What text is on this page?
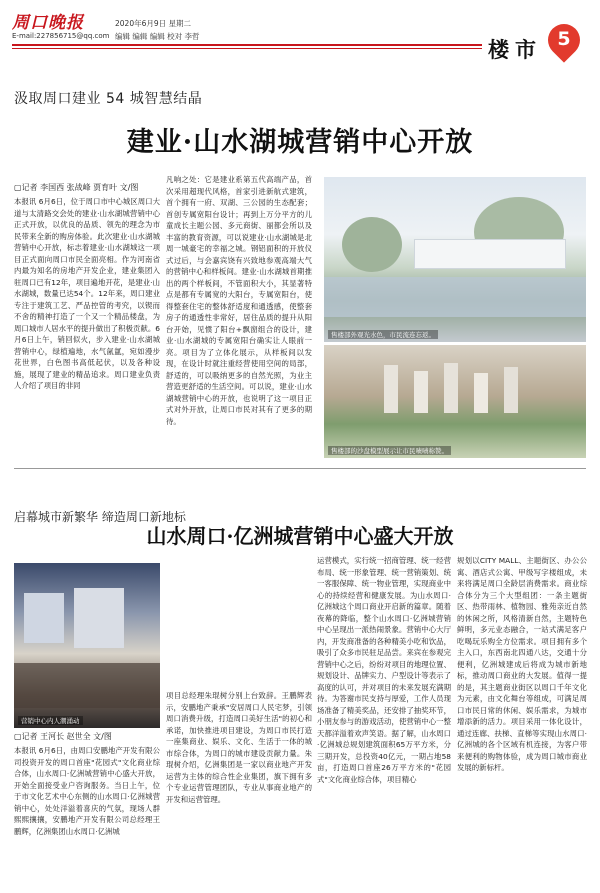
周口晚报
E-mail:227856715@qq.com
2020年6月9日 星期二
编辑 编辑 编辑 校对 李哲
楼市 5
汲取周口建业 54 城智慧结晶
建业·山水湖城营销中心开放
▢记者 李国西 张战峰 贾育叶 文/图
本报讯 6月6日，位于周口市中心城区周口大道与太清路交会处的建业·山水湖城营销中心正式开放，以优良的品质、领先的理念为市民带来全新的购房体验。此次建业·山水湖城营销中心开放，标志着建业·山水湖城这一项目正式面向周口市民全面亮相。作为河南省内最为知名的房地产开发企业，建业集团入驻周口已有12年，项目遍地开花，是建业·山水湖城，数量已达54个。12年来，周口建业专注于建筑工艺、严品控管的考究，以锲而不舍的精神打造了一个又一个精品楼盘，为周口城市人居水平的提升做出了积极贡献。6月6日上午，销回似火，步入建业·山水湖城营销中心，绿植遍地，水气氤氲，宛如漫步花世界，白色图书高低起伏，以及各种设施，展现了建业的精品追求。周口建业负责人介绍了项目的非同
凡响之处：它是建业系第五代高端产品，首次采用超现代风格，首家引进新航式建筑，首个拥有一府、双湖、三公园的生态配套；首创专属宽阳台设计；再到上万分平方的儿童成长主题公园、多元商街、丽都会所以及丰富的教育资源，可以说建业·山水湖城是北周一城豪宅的幸福之城。钢铝面积的开放仪式过后，与会嘉宾饶有兴致地参观高端大气的营销中心和样板间。建业·山水湖城首期推出的两个样板间，不管面积大小，其显著特点是都有专属宽的大阳台，专属宽阳台，使得整套住宅的整体舒适度和通透感，使整套房子的通透性非常好，居住品质的提升从阳台开始，见惯了阳台+飘窗组合的设计，建业·山水湖城的专属宽阳台确实让人眼前一亮。项目为了立体化展示，从样板间以发现，在设计时就注重经营使用空间的局部，舒适的，可以吸纳更多的自然光照，为业主营造更舒适的生活空间。可以说，建业·山水湖城营销中心的开放，也说明了这一项目正式对外开放，让周口市民对其有了更多的期待。
售楼部外观光水色，市民流连忘返。
售楼部的沙盘模型展示让市民啧啧称赞。
启幕城市新繁华 缔造周口新地标
山水周口·亿洲城营销中心盛大开放
营销中心内人潮涌动
▢记者 王河长 赵世全 文/图
本报讯 6月6日，由周口安鹏地产开发有限公司投资开发的周口首座"花园式"文化商业综合体，山水周口·亿洲城营销中心盛大开放，开始全面接受业户咨询服务。当日上午，位于市文化艺术中心东侧的山水周口·亿洲城营销中心，处处洋溢着喜庆的气氛，现场人群熙熙攘攘，安鹏地产开发有限公司总经理王鹏辉，亿洲集团山水周口·亿洲城
项目总经理朱琨树分别上台致辞。王鹏辉表示，安鹏地产秉承"安居周口人民宅梦，引领周口消费升级，打造周口美好生活"的初心和承诺，加快推进项目建设，为周口市民打造一座集商业、娱乐、文化、生活于一体的城市综合体，为周口的城市建设贡献力量。朱琨树介绍，亿洲集团是一家以商业地产开发运营为主体的综合性企业集团，旗下拥有多个专业运营管理团队，专业从事商业地产的开发和运营管理。
运营模式，实行统一招商管理、统一经营布局、统一形象管理、统一营销策划、统一客服保障、统一物业管理，实现商业中心的持续经营和健康发展。为山水周口·亿洲城这个周口商业开启新的篇章。随着夜幕的降临，整个山水周口·亿洲城营销中心呈现出一派热闹景象。营销中心大厅内，开发商准备的各种精美小吃和饮品，吸引了众多市民驻足品尝。来宾在参观完营销中心之后，纷纷对项目的地理位置、规划设计、品牌实力、户型设计等表示了高度的认可，并对项目的未来发展充满期待。为答谢市民支持与厚爱，工作人员现场准备了精美奖品，还安排了抽奖环节，小朋友参与的游戏活动，使营销中心一整天都洋溢着欢声笑语。据了解，山水周口·亿洲城总规划建筑面积65万平方米，分三期开发，总投资40亿元，一期占地58亩，打造周口首座26万平方米的"花园式"文化商业综合体，项目精心
规划以CITY MALL、主题街区、办公公寓、酒店式公寓、甲级写字楼组成，未来将满足周口全龄层消费需求。商业综合体分为三个大型组团：一条主题街区、热带雨林、植物园、雅苑亲近自然的休闲之所，风格清新自然，主题特色鲜明，多元业态融合，一站式满足客户吃喝玩乐购全方位需求。项目拥有多个主入口，东西南北四通八达，交通十分便利，亿洲城建成后将成为城市新地标，推动周口商业的大发展。值得一提的是，其主题商业街区以周口千年文化为元素，由文化舞台等组成，可满足周口市民日常的休闲、娱乐需求，为城市增添新的活力。项目采用一体化设计，通过连廊、扶梯、直梯等实现山水周口·亿洲城的各个区域有机连接，为客户带来便利的购物体验，成为周口城市商业发展的新标杆。
